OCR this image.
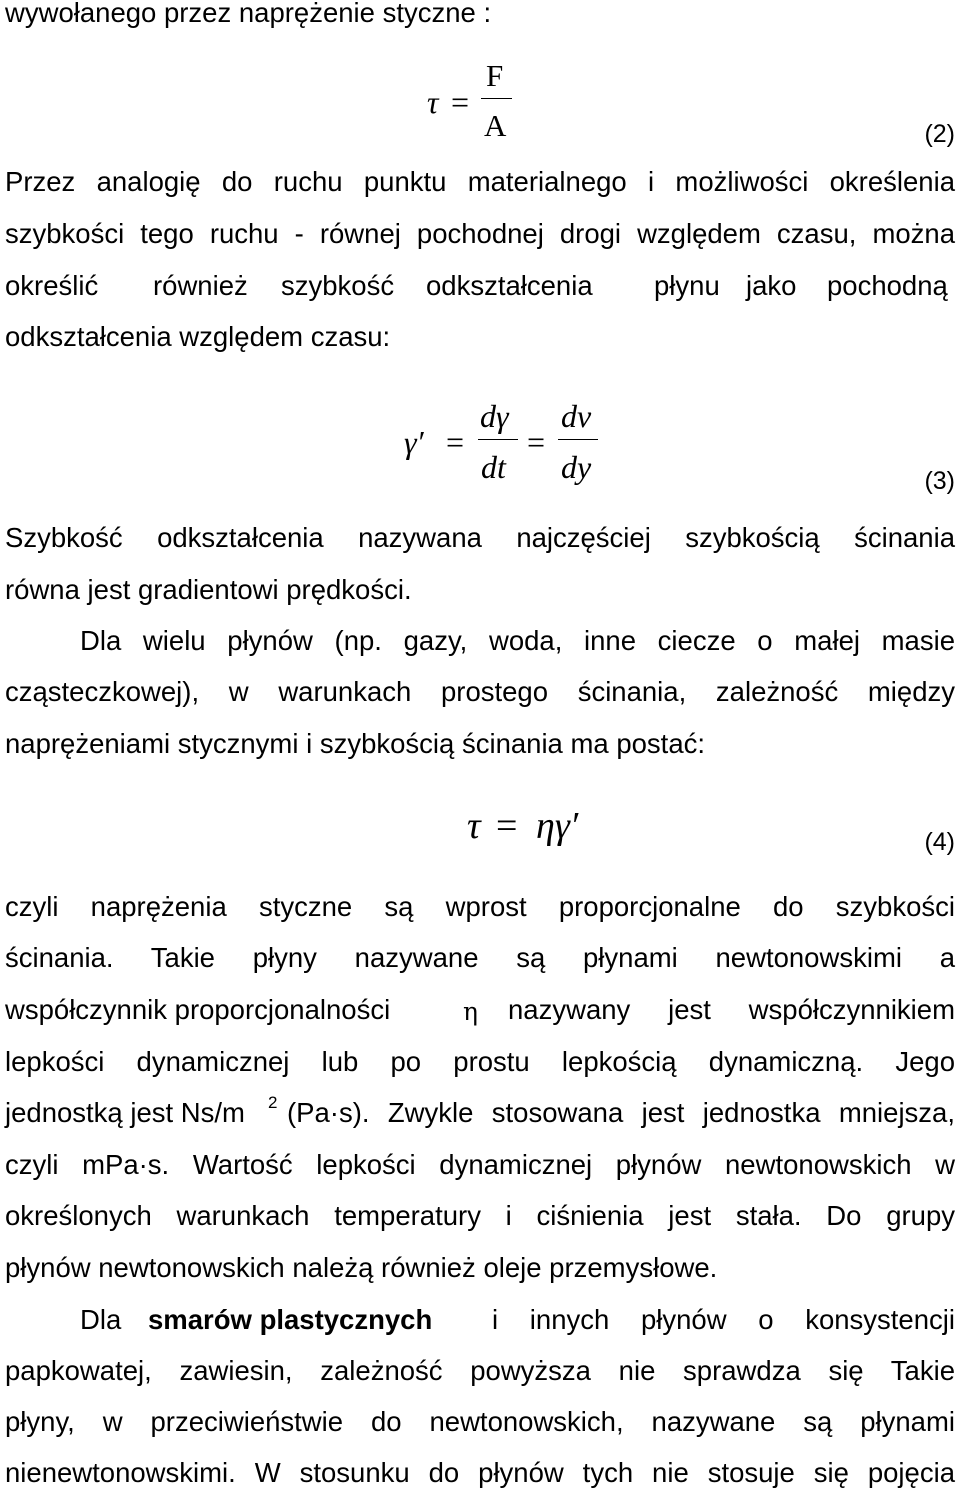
wywołanego przez naprężenie styczne :
τ =
F
A	(2)
Przez analogię do ruchu punktu materialnego i możliwości określenia
szybkości tego ruchu - równej pochodnej drogi względem czasu, można
określić również szybkość odkształcenia płynu jako pochodną
odkształcenia względem czasu:
γ′ =
dγ
dt
=
dv
dy	(3)
Szybkość odkształcenia nazywana najczęściej szybkością ścinania
równa jest gradientowi prędkości.
Dla wielu płynów (np. gazy, woda, inne ciecze o małej masie
cząsteczkowej), w warunkach prostego ścinania, zależność między
naprężeniami stycznymi i szybkością ścinania ma postać:
τ = ηγ′	(4)
czyli naprężenia styczne są wprost proporcjonalne do szybkości
ścinania. Takie płyny nazywane są płynami newtonowskimi a
współczynnik proporcjonalności	η nazywany jest współczynnikiem
lepkości dynamicznej lub po prostu lepkością dynamiczną. Jego
jednostką jest Ns/m 2 (Pa·s). Zwykle stosowana jest jednostka mniejsza,
czyli mPa·s. Wartość lepkości dynamicznej płynów newtonowskich w
określonych warunkach temperatury i ciśnienia jest stała. Do grupy
płynów newtonowskich należą również oleje przemysłowe.
Dla smarów plastycznych i innych płynów o konsystencji
papkowatej, zawiesin, zależność powyższa nie sprawdza się Takie
płyny, w przeciwieństwie do newtonowskich, nazywane są płynami
nienewtonowskimi. W stosunku do płynów tych nie stosuje się pojęcia
